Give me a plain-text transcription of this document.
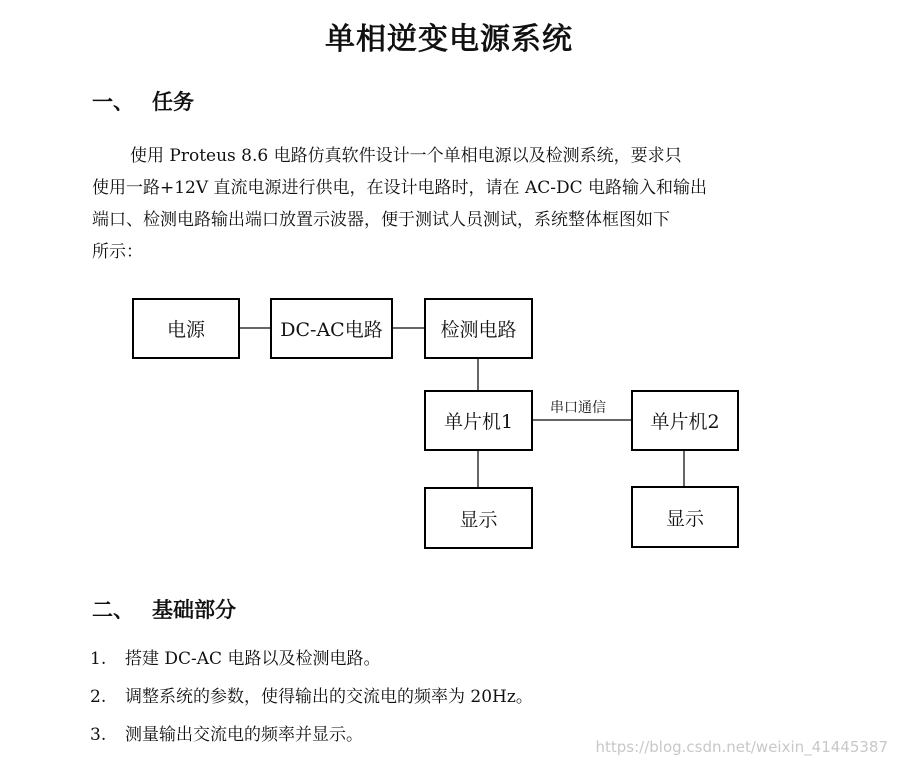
单相逆变电源系统
一、 任务
使用 Proteus 8.6 电路仿真软件设计一个单相电源以及检测系统，要求只
使用一路+12V 直流电源进行供电，在设计电路时，请在 AC-DC 电路输入和输出
端口、检测电路输出端口放置示波器，便于测试人员测试，系统整体框图如下
所示：
电源	DC-AC电路	检测电路
单片机1	单片机2
显示	显示
串口通信
二、 基础部分
1. 搭建 DC-AC 电路以及检测电路。
2. 调整系统的参数，使得输出的交流电的频率为 20Hz。
3. 测量输出交流电的频率并显示。
https://blog.csdn.net/weixin_41445387
